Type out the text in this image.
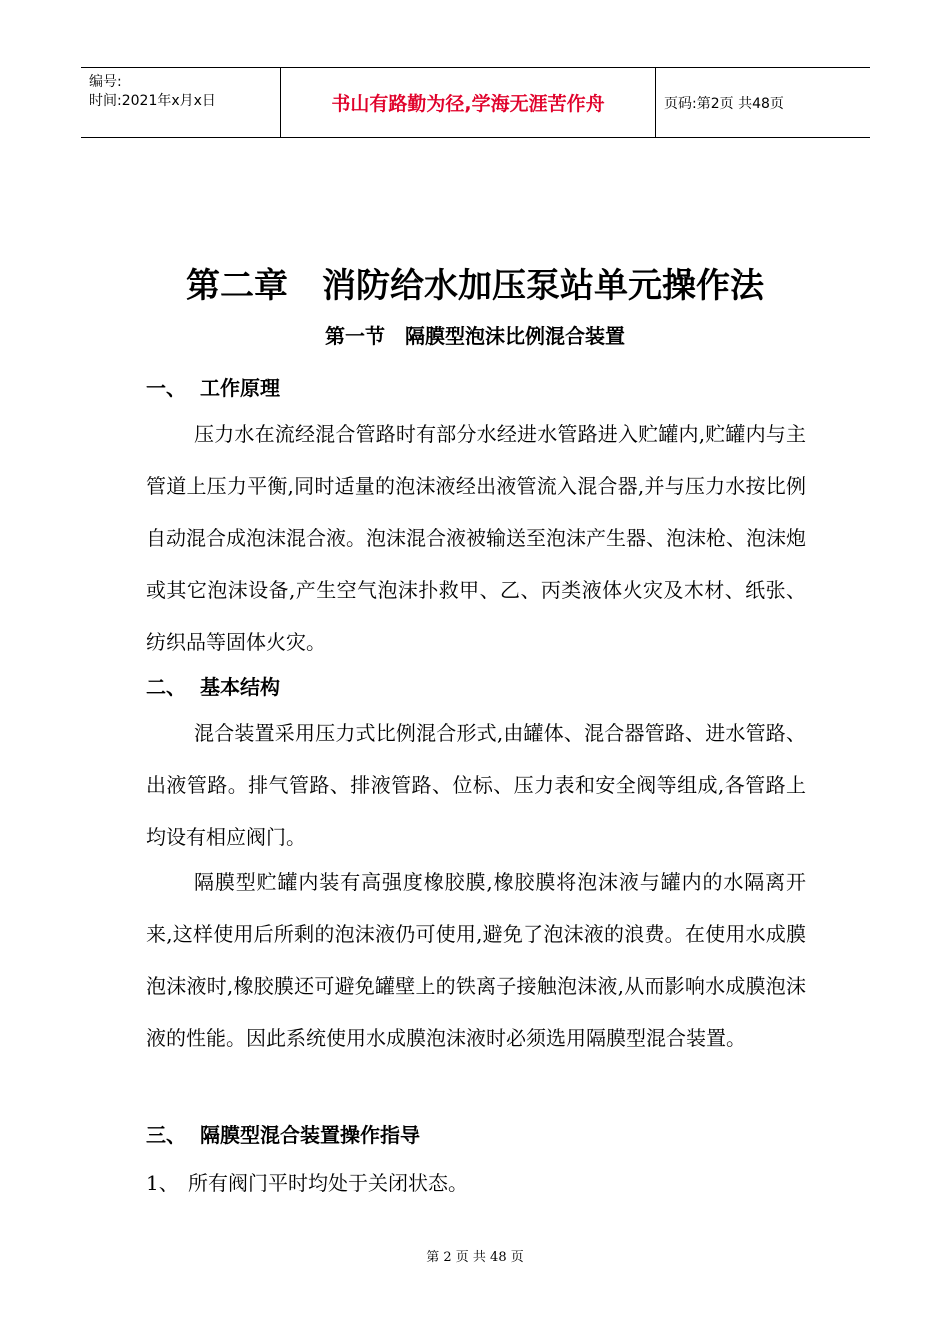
编号:
时间:2021年x月x日	书山有路勤为径,学海无涯苦作舟	页码:第2页 共48页
第二章　消防给水加压泵站单元操作法
第一节　隔膜型泡沫比例混合装置
一、 工作原理

压力水在流经混合管路时有部分水经进水管路进入贮罐内,贮罐内与主管道上压力平衡,同时适量的泡沫液经出液管流入混合器,并与压力水按比例自动混合成泡沫混合液。泡沫混合液被输送至泡沫产生器、泡沫枪、泡沫炮或其它泡沫设备,产生空气泡沫扑救甲、乙、丙类液体火灾及木材、纸张、纺织品等固体火灾。

二、 基本结构

混合装置采用压力式比例混合形式,由罐体、混合器管路、进水管路、出液管路。排气管路、排液管路、位标、压力表和安全阀等组成,各管路上均设有相应阀门。

隔膜型贮罐内装有高强度橡胶膜,橡胶膜将泡沫液与罐内的水隔离开来,这样使用后所剩的泡沫液仍可使用,避免了泡沫液的浪费。在使用水成膜泡沫液时,橡胶膜还可避免罐壁上的铁离子接触泡沫液,从而影响水成膜泡沫液的性能。因此系统使用水成膜泡沫液时必须选用隔膜型混合装置。

三、 隔膜型混合装置操作指导
1、 所有阀门平时均处于关闭状态。
第 2 页 共 48 页
